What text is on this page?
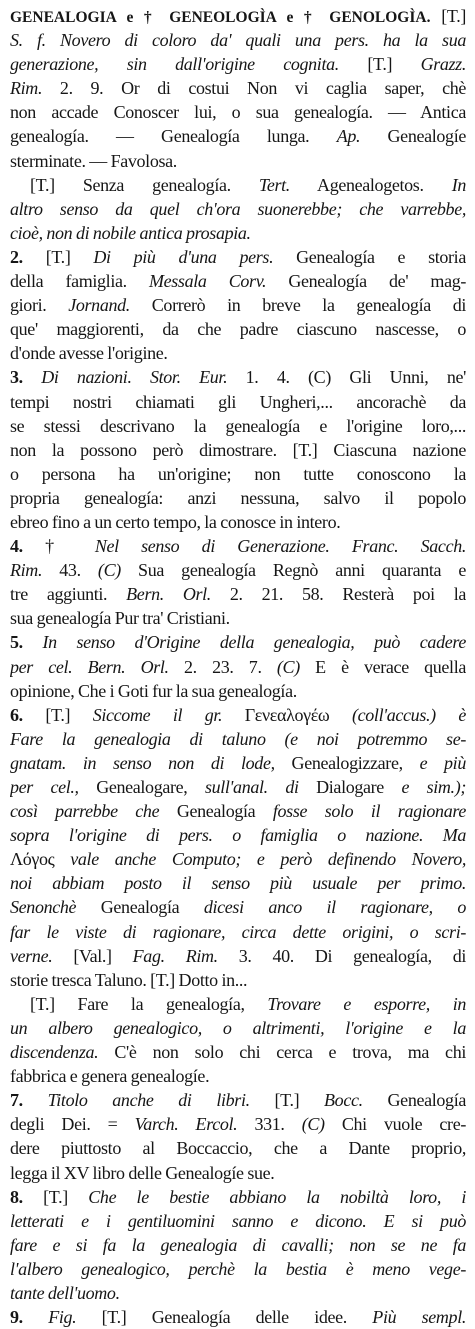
GENEALOGIA e † GENEOLOGÌA e † GENOLOGÌA. [T.]
S. f. Novero di coloro da' quali una pers. ha la sua
generazione, sin dall'origine cognita. [T.] Grazz.
Rim. 2. 9. Or di costui Non vi caglia saper, chè
non accade Conoscer lui, o sua genealogía. — Antica
genealogía. — Genealogía lunga. Ap. Genealogíe
sterminate. — Favolosa.
[T.] Senza genealogía. Tert. Agenealogetos. In
altro senso da quel ch'ora suonerebbe; che varrebbe,
cioè, non di nobile antica prosapia.
2. [T.] Di più d'una pers. Genealogía e storia
della famiglia. Messala Corv. Genealogía de' mag-
giori. Jornand. Correrò in breve la genealogía di
que' maggiorenti, da che padre ciascuno nascesse, o
d'onde avesse l'origine.
3. Di nazioni. Stor. Eur. 1. 4. (C) Gli Unni, ne'
tempi nostri chiamati gli Ungheri,... ancorachè da
se stessi descrivano la genealogía e l'origine loro,...
non la possono però dimostrare. [T.] Ciascuna nazione
o persona ha un'origine; non tutte conoscono la
propria genealogía: anzi nessuna, salvo il popolo
ebreo fino a un certo tempo, la conosce in intero.
4. † Nel senso di Generazione. Franc. Sacch.
Rim. 43. (C) Sua genealogía Regnò anni quaranta e
tre aggiunti. Bern. Orl. 2. 21. 58. Resterà poi la
sua genealogía Pur tra' Cristiani.
5. In senso d'Origine della genealogia, può cadere
per cel. Bern. Orl. 2. 23. 7. (C) E è verace quella
opinione, Che i Goti fur la sua genealogía.
6. [T.] Siccome il gr. Γενεαλογέω (coll'accus.) è
Fare la genealogia di taluno (e noi potremmo se-
gnatam. in senso non di lode, Genealogizzare, e più
per cel., Genealogare, sull'anal. di Dialogare e sim.);
così parrebbe che Genealogía fosse solo il ragionare
sopra l'origine di pers. o famiglia o nazione. Ma
Λόγος vale anche Computo; e però definendo Novero,
noi abbiam posto il senso più usuale per primo.
Senonchè Genealogía dicesi anco il ragionare, o
far le viste di ragionare, circa dette origini, o scri-
verne. [Val.] Fag. Rim. 3. 40. Di genealogía, di
storie tresca Taluno. [T.] Dotto in...
[T.] Fare la genealogía, Trovare e esporre, in
un albero genealogico, o altrimenti, l'origine e la
discendenza. C'è non solo chi cerca e trova, ma chi
fabbrica e genera genealogíe.
7. Titolo anche di libri. [T.] Bocc. Genealogía
degli Dei. = Varch. Ercol. 331. (C) Chi vuole cre-
dere piuttosto al Boccaccio, che a Dante proprio,
legga il XV libro delle Genealogíe sue.
8. [T.] Che le bestie abbiano la nobiltà loro, i
letterati e i gentiluomini sanno e dicono. E si può
fare e si fa la genealogia di cavalli; non se ne fa
l'albero genealogico, perchè la bestia è meno vege-
tante dell'uomo.
9. Fig. [T.] Genealogía delle idee. Più sempl.
